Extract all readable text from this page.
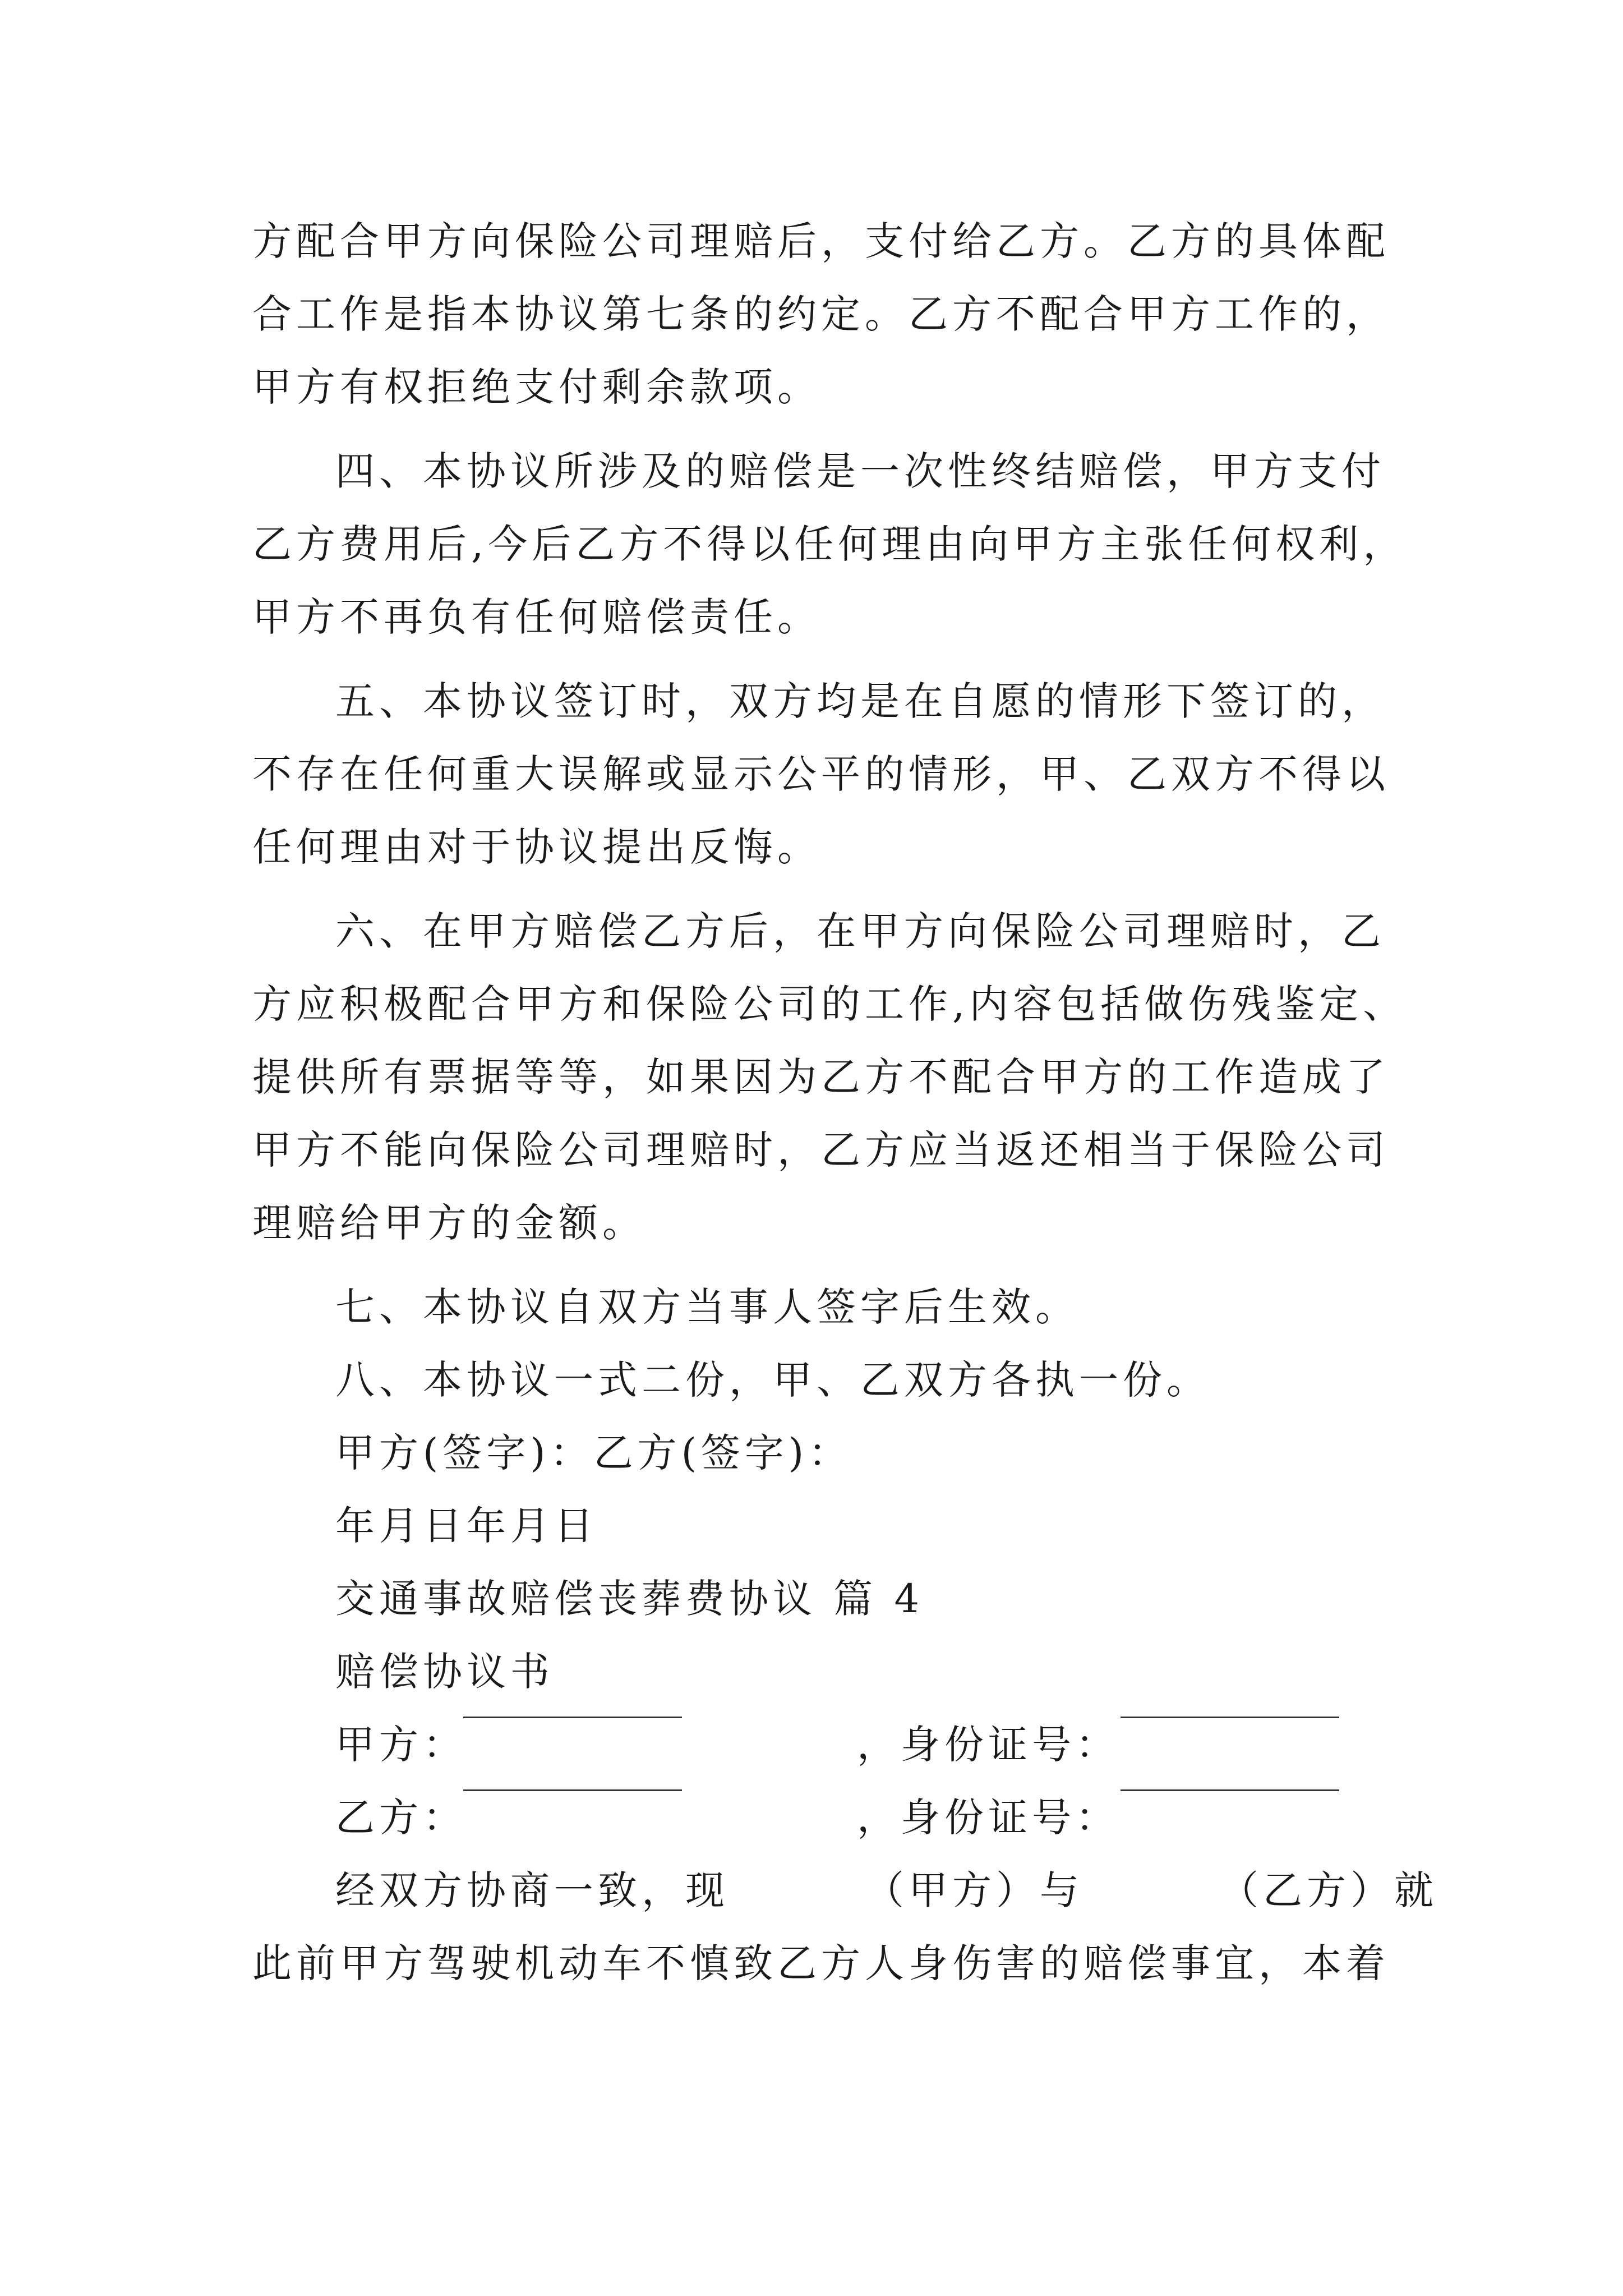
方配合甲方向保险公司理赔后，支付给乙方。乙方的具体配
合工作是指本协议第七条的约定。乙方不配合甲方工作的，
甲方有权拒绝支付剩余款项。
四、本协议所涉及的赔偿是一次性终结赔偿，甲方支付
乙方费用后,今后乙方不得以任何理由向甲方主张任何权利，
甲方不再负有任何赔偿责任。
五、本协议签订时，双方均是在自愿的情形下签订的，
不存在任何重大误解或显示公平的情形，甲、乙双方不得以
任何理由对于协议提出反悔。
六、在甲方赔偿乙方后，在甲方向保险公司理赔时，乙
方应积极配合甲方和保险公司的工作,内容包括做伤残鉴定、
提供所有票据等等，如果因为乙方不配合甲方的工作造成了
甲方不能向保险公司理赔时，乙方应当返还相当于保险公司
理赔给甲方的金额。
七、本协议自双方当事人签字后生效。
八、本协议一式二份，甲、乙双方各执一份。
甲方(签字)：乙方(签字)：
年月日年月日
交通事故赔偿丧葬费协议 篇 4
赔偿协议书
甲方：	，身份证号：
乙方：	，身份证号：
经双方协商一致，现        （甲方）与        （乙方）就
此前甲方驾驶机动车不慎致乙方人身伤害的赔偿事宜，本着
